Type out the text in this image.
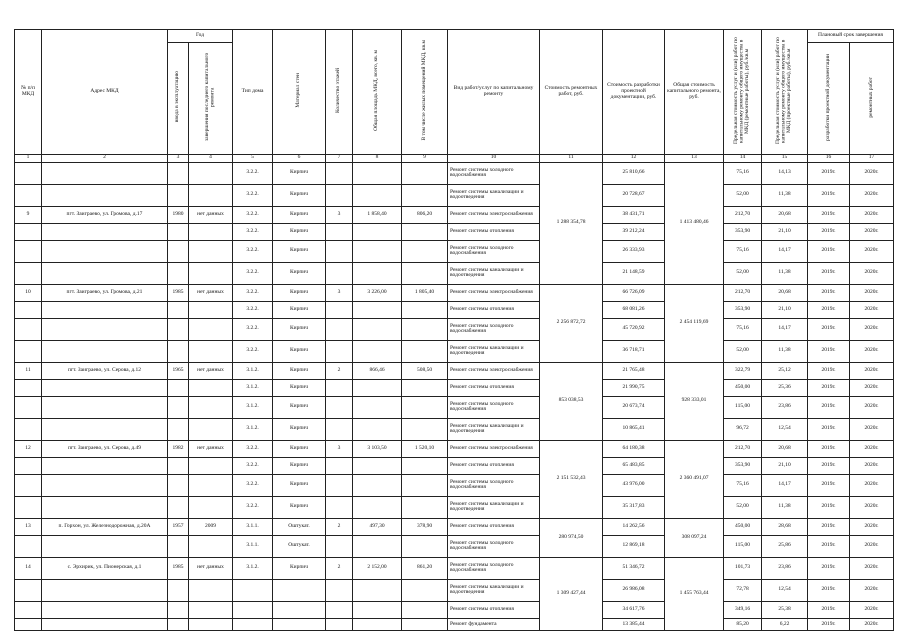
№ п/п МКД	Адрес МКД	Год		Тип дома	Материал стен	Количество этажей	Общая площадь МКД, всего, кв. м	В том числе жилых помещений МКД, кв.м	Вид работ/услуг по капитальному ремонту	Стоимость ремонтных работ, руб.	Стоимость разработки проектной документации, руб.	Общая стоимость капитального ремонта, руб.	Предельная стоимость услуг и (или) работ по капитальному ремонту общего имущества в МКД (ремонтные работы), руб./кв.м	Предельная стоимость услуг и (или) работ по капитальному ремонту общего имущества в МКД (проектные работы), руб./кв.м	Плановый срок завершения	
		ввода в эксплуатацию	завершения последнего капитального ремонта												разработки проектной документации	ремонтных работ
1	2	3	4	5	6	7	8	9	10	11	12	13	14	15	16	17
				3.2.2.	Кирпич				Ремонт системы холодного водоснабжения	1 288 354,78	25 810,66	1 413 480,46	75,16	14,13	2019г.	2020г.
				3.2.2.	Кирпич				Ремонт системы канализации и водоотведения		20 728,67		52,00	11,38	2019г.	2020г.
9	пгт. Заиграево, ул. Громова, д.17	1980	нет данных	3.2.2.	Кирпич	3	1 858,40	806,20	Ремонт системы электроснабжения		38 431,71		212,70	20,68	2019г.	2020г.
				3.2.2.	Кирпич				Ремонт системы отопления		39 212,24		353,90	21,10	2019г.	2020г.
				3.2.2.	Кирпич				Ремонт системы холодного водоснабжения		26 333,93		75,16	14,17	2019г.	2020г.
				3.2.2.	Кирпич				Ремонт системы канализации и водоотведения		21 148,59		52,00	11,38	2019г.	2020г.
10	пгт. Заиграево, ул. Громова, д.21	1985	нет данных	3.2.2.	Кирпич	3	3 226,00	1 805,40	Ремонт системы электроснабжения	2 256 872,72	66 726,09	2 454 119,69	212,70	20,68	2019г.	2020г.
				3.2.2.	Кирпич				Ремонт системы отопления		68 081,26		353,90	21,10	2019г.	2020г.
				3.2.2.	Кирпич				Ремонт системы холодного водоснабжения		45 720,92		75,16	14,17	2019г.	2020г.
				3.2.2.	Кирпич				Ремонт системы канализации и водоотведения		36 718,71		52,00	11,38	2019г.	2020г.
11	пгт. Заиграево, ул. Серова, д.12	1965	нет данных	3.1.2.	Кирпич	2	866,46	508,50	Ремонт системы электроснабжения	853 038,53	21 765,48	928 333,01	322,79	25,12	2019г.	2020г.
				3.1.2.	Кирпич				Ремонт системы отопления		21 990,75		450,00	25,36	2019г.	2020г.
				3.1.2.	Кирпич				Ремонт системы холодного водоснабжения		20 673,74		115,00	23,86	2019г.	2020г.
				3.1.2.	Кирпич				Ремонт системы канализации и водоотведения		10 865,41		96,72	12,54	2019г.	2020г.
12	пгт. Заиграево, ул. Серова, д.49	1982	нет данных	3.2.2.	Кирпич	3	3 103,50	1 520,10	Ремонт системы электроснабжения	2 151 532,43	64 180,38	2 360 491,07	212,70	20,68	2019г.	2020г.
				3.2.2.	Кирпич				Ремонт системы отопления		65 483,85		353,90	21,10	2019г.	2020г.
				3.2.2.	Кирпич				Ремонт системы холодного водоснабжения		43 976,00		75,16	14,17	2019г.	2020г.
				3.2.2.	Кирпич				Ремонт системы канализации и водоотведения		35 317,83		52,00	11,38	2019г.	2020г.
13	п. Горхон, ул. Железнодорожная, д.20А	1957	2009	3.1.1.	Оштукат.	2	497,30	378,90	Ремонт системы отопления	280 974,50	14 262,56	308 097,24	450,00	28,68	2019г.	2020г.
				3.1.1.	Оштукат.				Ремонт системы холодного водоснабжения		12 869,18		115,00	25,86	2019г.	2020г.
14	с. Эрхирик, ул. Пионерская, д.1	1985	нет данных	3.1.2.	Кирпич	2	2 152,00	861,20	Ремонт системы холодного водоснабжения	1 309 427,44	51 346,72	1 455 763,44	101,73	23,86	2019г.	2020г.
									Ремонт системы канализации и водоотведения		26 986,08		72,78	12,54	2019г.	2020г.
									Ремонт системы отопления		34 617,76		349,16	25,38	2019г.	2020г.
									Ремонт фундамента		13 385,44		85,20	6,22	2019г.	2020г.
